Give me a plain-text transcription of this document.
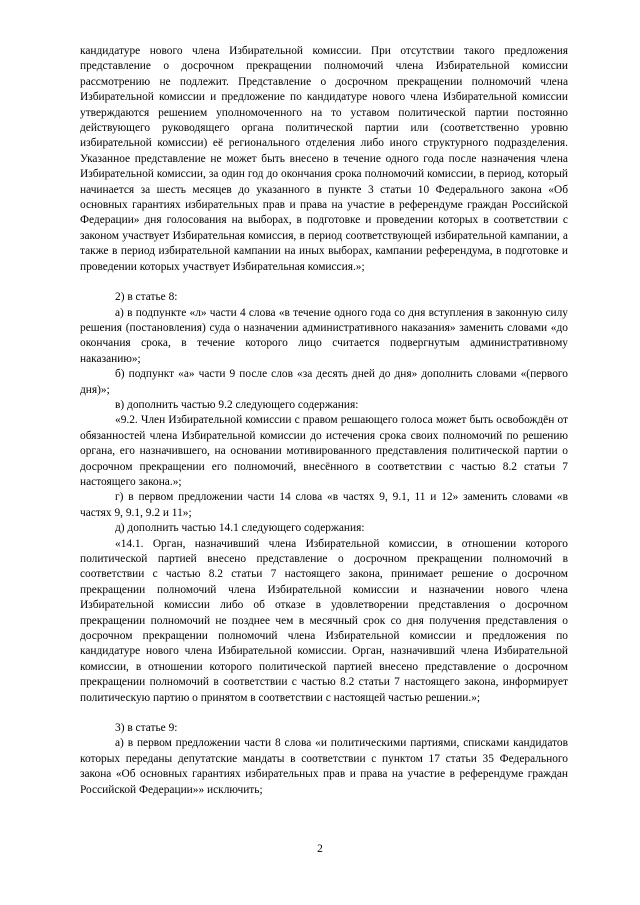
кандидатуре нового члена Избирательной комиссии. При отсутствии такого предложения представление о досрочном прекращении полномочий члена Избирательной комиссии рассмотрению не подлежит. Представление о досрочном прекращении полномочий члена Избирательной комиссии и предложение по кандидатуре нового члена Избирательной комиссии утверждаются решением уполномоченного на то уставом политической партии постоянно действующего руководящего органа политической партии или (соответственно уровню избирательной комиссии) её регионального отделения либо иного структурного подразделения. Указанное представление не может быть внесено в течение одного года после назначения члена Избирательной комиссии, за один год до окончания срока полномочий комиссии, в период, который начинается за шесть месяцев до указанного в пункте 3 статьи 10 Федерального закона «Об основных гарантиях избирательных прав и права на участие в референдуме граждан Российской Федерации» дня голосования на выборах, в подготовке и проведении которых в соответствии с законом участвует Избирательная комиссия, в период соответствующей избирательной кампании, а также в период избирательной кампании на иных выборах, кампании референдума, в подготовке и проведении которых участвует Избирательная комиссия.»;

2) в статье 8:

а) в подпункте «л» части 4 слова «в течение одного года со дня вступления в законную силу решения (постановления) суда о назначении административного наказания» заменить словами «до окончания срока, в течение которого лицо считается подвергнутым административному наказанию»;

б) подпункт «а» части 9 после слов «за десять дней до дня» дополнить словами «(первого дня)»;

в) дополнить частью 9.2 следующего содержания:

«9.2. Член Избирательной комиссии с правом решающего голоса может быть освобождён от обязанностей члена Избирательной комиссии до истечения срока своих полномочий по решению органа, его назначившего, на основании мотивированного представления политической партии о досрочном прекращении его полномочий, внесённого в соответствии с частью 8.2 статьи 7 настоящего закона.»;

г) в первом предложении части 14 слова «в частях 9, 9.1, 11 и 12» заменить словами «в частях 9, 9.1, 9.2 и 11»;

д) дополнить частью 14.1 следующего содержания:

«14.1. Орган, назначивший члена Избирательной комиссии, в отношении которого политической партией внесено представление о досрочном прекращении полномочий в соответствии с частью 8.2 статьи 7 настоящего закона, принимает решение о досрочном прекращении полномочий члена Избирательной комиссии и назначении нового члена Избирательной комиссии либо об отказе в удовлетворении представления о досрочном прекращении полномочий не позднее чем в месячный срок со дня получения представления о досрочном прекращении полномочий члена Избирательной комиссии и предложения по кандидатуре нового члена Избирательной комиссии. Орган, назначивший члена Избирательной комиссии, в отношении которого политической партией внесено представление о досрочном прекращении полномочий в соответствии с частью 8.2 статьи 7 настоящего закона, информирует политическую партию о принятом в соответствии с настоящей частью решении.»;

3) в статье 9:

а) в первом предложении части 8 слова «и политическими партиями, списками кандидатов которых переданы депутатские мандаты в соответствии с пунктом 17 статьи 35 Федерального закона «Об основных гарантиях избирательных прав и права на участие в референдуме граждан Российской Федерации»» исключить;

2
